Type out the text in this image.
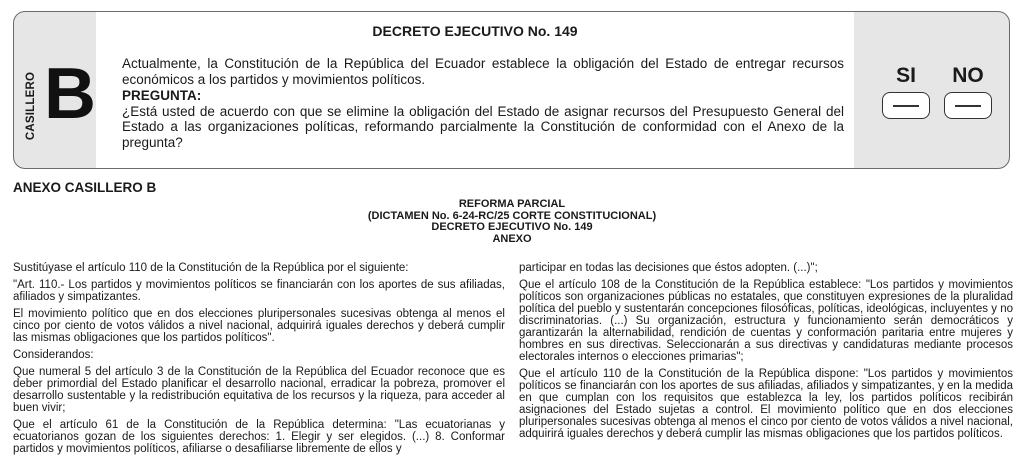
CASILLERO B
DECRETO EJECUTIVO No. 149

Actualmente, la Constitución de la República del Ecuador establece la obligación del Estado de entregar recursos económicos a los partidos y movimientos políticos.

PREGUNTA:

¿Está usted de acuerdo con que se elimine la obligación del Estado de asignar recursos del Presupuesto General del Estado a las organizaciones políticas, reformando parcialmente la Constitución de conformidad con el Anexo de la pregunta?

SI	NO
ANEXO CASILLERO B
REFORMA PARCIAL
(DICTAMEN No. 6-24-RC/25 CORTE CONSTITUCIONAL)
DECRETO EJECUTIVO No. 149
ANEXO

Sustitúyase el artículo 110 de la Constitución de la República por el siguiente:

"Art. 110.- Los partidos y movimientos políticos se financiarán con los aportes de sus afiliadas, afiliados y simpatizantes.

El movimiento político que en dos elecciones pluripersonales sucesivas obtenga al menos el cinco por ciento de votos válidos a nivel nacional, adquirirá iguales derechos y deberá cumplir las mismas obligaciones que los partidos políticos".

Considerandos:

Que numeral 5 del artículo 3 de la Constitución de la República del Ecuador reconoce que es deber primordial del Estado planificar el desarrollo nacional, erradicar la pobreza, promover el desarrollo sustentable y la redistribución equitativa de los recursos y la riqueza, para acceder al buen vivir;

Que el artículo 61 de la Constitución de la República determina: "Las ecuatorianas y ecuatorianos gozan de los siguientes derechos: 1. Elegir y ser elegidos. (...) 8. Conformar partidos y movimientos políticos, afiliarse o desafiliarse libremente de ellos y

participar en todas las decisiones que éstos adopten. (...)";

Que el artículo 108 de la Constitución de la República establece: "Los partidos y movimientos políticos son organizaciones públicas no estatales, que constituyen expresiones de la pluralidad política del pueblo y sustentarán concepciones filosóficas, políticas, ideológicas, incluyentes y no discriminatorias. (...) Su organización, estructura y funcionamiento serán democráticos y garantizarán la alternabilidad, rendición de cuentas y conformación paritaria entre mujeres y hombres en sus directivas. Seleccionarán a sus directivas y candidaturas mediante procesos electorales internos o elecciones primarias";

Que el artículo 110 de la Constitución de la República dispone: "Los partidos y movimientos políticos se financiarán con los aportes de sus afiliadas, afiliados y simpatizantes, y en la medida en que cumplan con los requisitos que establezca la ley, los partidos políticos recibirán asignaciones del Estado sujetas a control. El movimiento político que en dos elecciones pluripersonales sucesivas obtenga al menos el cinco por ciento de votos válidos a nivel nacional, adquirirá iguales derechos y deberá cumplir las mismas obligaciones que los partidos políticos.
